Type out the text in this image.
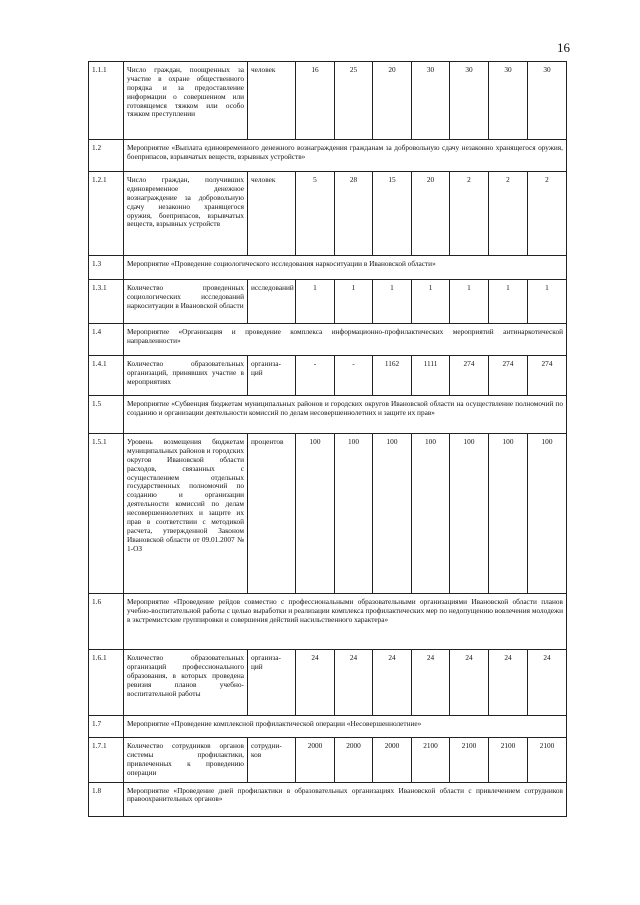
16
1.1.1	Число граждан, поощренных за участие в охране общественного порядка и за предоставление информации о совершенном или готовящемся тяжком или особо тяжком преступлении	человек	16	25	20	30	30	30	30
1.2	Мероприятие «Выплата единовременного денежного вознаграждения гражданам за добровольную сдачу незаконно хранящегося оружия, боеприпасов, взрывчатых веществ, взрывных устройств»								
1.2.1	Число граждан, получивших единовременное денежное вознаграждение за добровольную сдачу незаконно хранящегося оружия, боеприпасов, взрывчатых веществ, взрывных устройств	человек	5	28	15	20	2	2	2
1.3	Мероприятие «Проведение социологического исследования наркоситуации в Ивановской области»								
1.3.1	Количество проведенных социологических исследований наркоситуации в Ивановской области	исследований	1	1	1	1	1	1	1
1.4	Мероприятие «Организация и проведение комплекса информационно-профилактических мероприятий антинаркотической направленности»								
1.4.1	Количество образовательных организаций, принявших участие в мероприятиях	организа-ций	-	-	1162	1111	274	274	274
1.5	Мероприятие «Субвенция бюджетам муниципальных районов и городских округов Ивановской области на осуществление полномочий по созданию и организации деятельности комиссий по делам несовершеннолетних и защите их прав»								
1.5.1	Уровень возмещения бюджетам муниципальных районов и городских округов Ивановской области расходов, связанных с осуществлением отдельных государственных полномочий по созданию и организации деятельности комиссий по делам несовершеннолетних и защите их прав в соответствии с методикой расчета, утвержденной Законом Ивановской области от 09.01.2007 № 1-ОЗ	процентов	100	100	100	100	100	100	100
1.6	Мероприятие «Проведение рейдов совместно с профессиональными образовательными организациями Ивановской области планов учебно-воспитательной работы с целью выработки и реализации комплекса профилактических мер по недопущению вовлечения молодежи в экстремистские группировки и совершения действий насильственного характера»								
1.6.1	Количество образовательных организаций профессионального образования, в которых проведена ревизия планов учебно-воспитательной работы	организа-ций	24	24	24	24	24	24	24
1.7	Мероприятие «Проведение комплексной профилактической операции «Несовершеннолетние»								
1.7.1	Количество сотрудников органов системы профилактики, привлеченных к проведению операции	сотрудни-ков	2000	2000	2000	2100	2100	2100	2100
1.8	Мероприятие «Проведение дней профилактики в образовательных организациях Ивановской области с привлечением сотрудников правоохранительных органов»								
